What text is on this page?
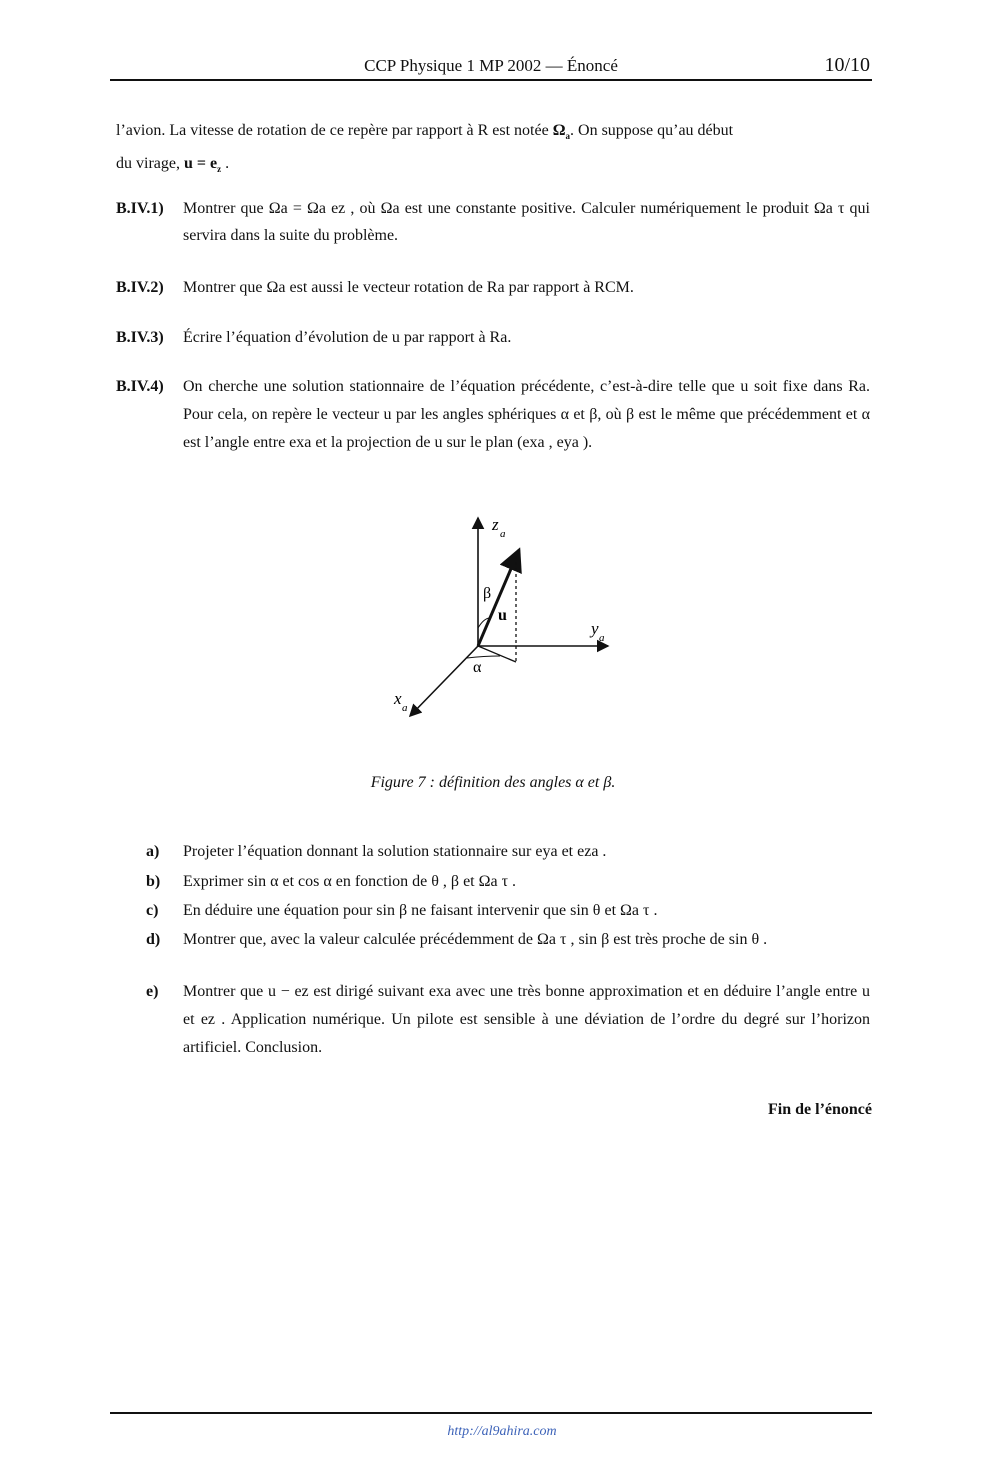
CCP Physique 1 MP 2002 — Énoncé	10/10
l’avion. La vitesse de rotation de ce repère par rapport à R est notée $\Omega_a$. On suppose qu’au début
du virage, $u = e_z$ .
B.IV.1) Montrer que Ωa = Ωa ez , où Ωa est une constante positive. Calculer numériquement le produit Ωa τ qui servira dans la suite du problème.
B.IV.2) Montrer que Ωa est aussi le vecteur rotation de Ra par rapport à RCM.
B.IV.3) Écrire l’équation d’évolution de u par rapport à Ra.
B.IV.4) On cherche une solution stationnaire de l’équation précédente, c’est-à-dire telle que u soit fixe dans Ra. Pour cela, on repère le vecteur u par les angles sphériques α et β, où β est le même que précédemment et α est l’angle entre exa et la projection de u sur le plan (exa , eya ).
z a
y a
x a
u
β
α
Figure 7 : définition des angles α et β.
a) Projeter l’équation donnant la solution stationnaire sur eya et eza .
b) Exprimer sin α et cos α en fonction de θ , β et Ωa τ .
c) En déduire une équation pour sin β ne faisant intervenir que sin θ et Ωa τ .
d) Montrer que, avec la valeur calculée précédemment de Ωa τ , sin β est très proche de sin θ .
e) Montrer que u − ez est dirigé suivant exa avec une très bonne approximation et en déduire l’angle entre u et ez . Application numérique. Un pilote est sensible à une déviation de l’ordre du degré sur l’horizon artificiel. Conclusion.
Fin de l’énoncé
http://al9ahira.com
